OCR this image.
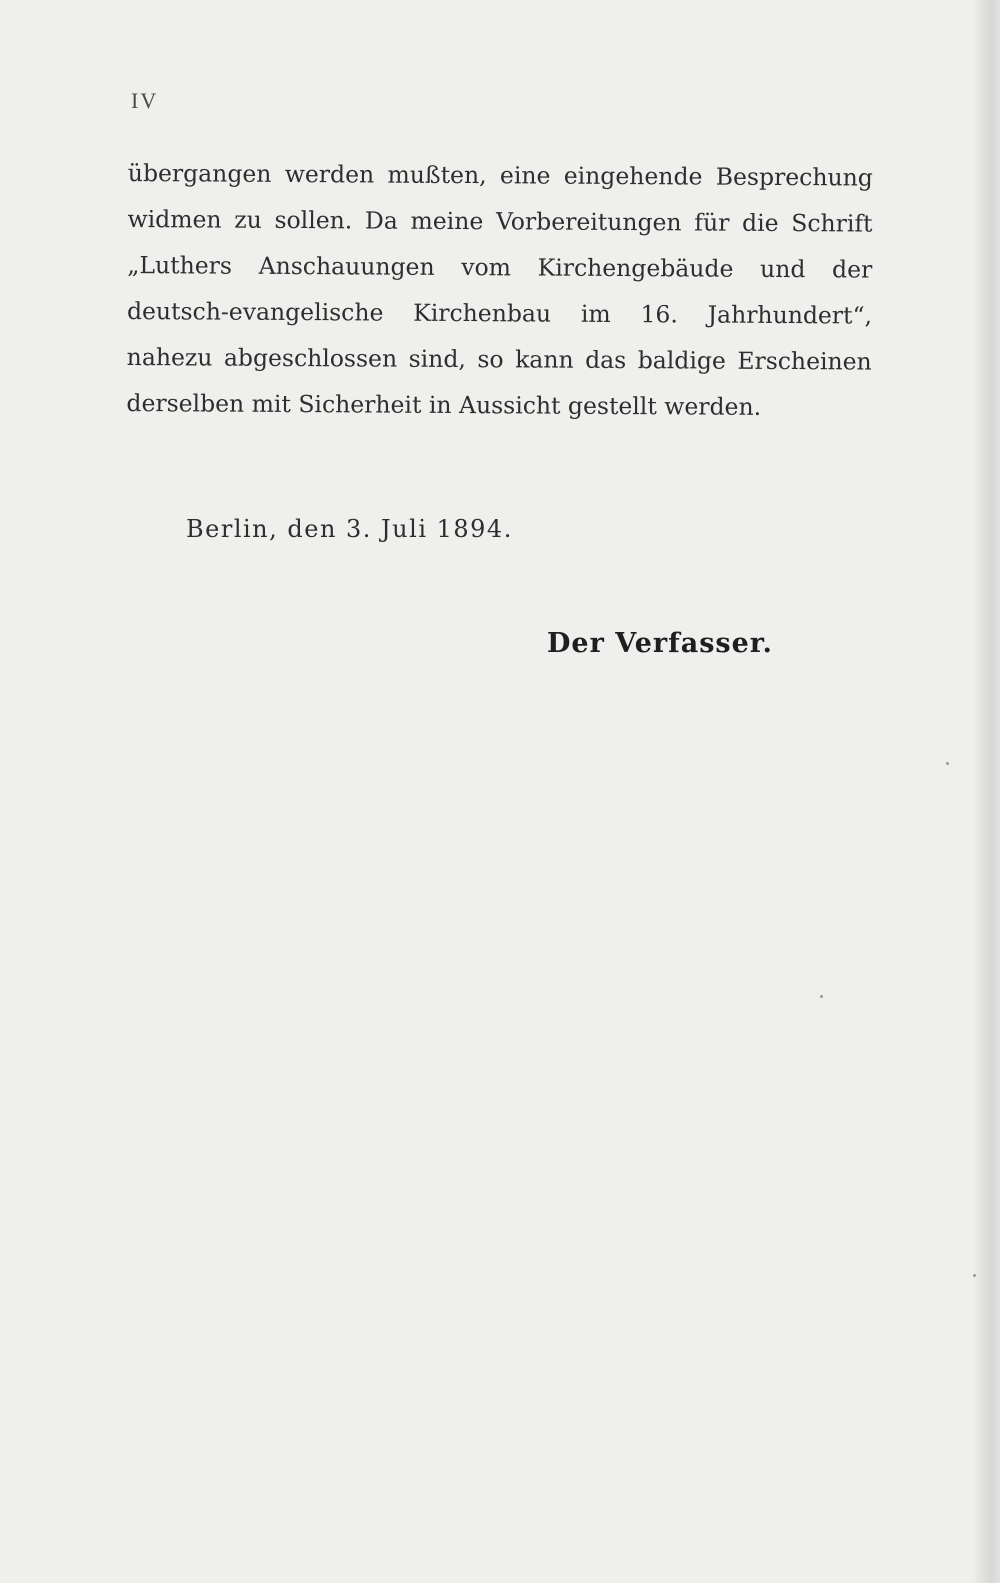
IV

übergangen werden mußten, eine eingehende Besprechung widmen zu sollen. Da meine Vorbereitungen für die Schrift „Luthers Anschauungen vom Kirchengebäude und der deutsch-evangelische Kirchenbau im 16. Jahrhundert“, nahezu abgeschlossen sind, so kann das baldige Erscheinen derselben mit Sicherheit in Aussicht gestellt werden.

Berlin, den 3. Juli 1894.
Der Verfasser.
